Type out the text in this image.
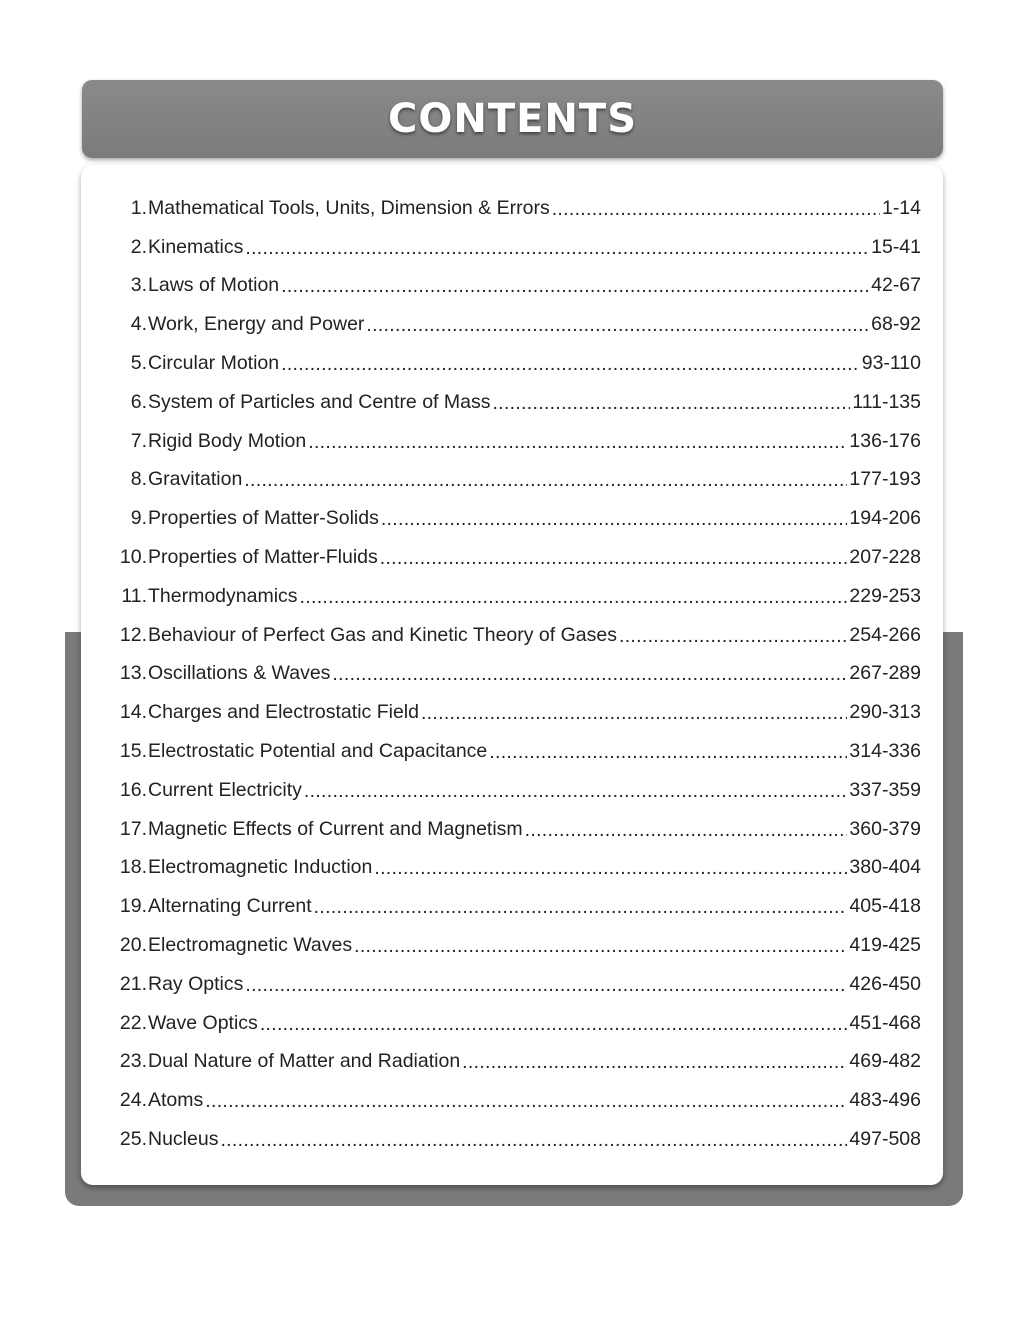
CONTENTS
1. Mathematical Tools, Units, Dimension & Errors .....	1-14
2. Kinematics .....	15-41
3. Laws of Motion .....	42-67
4. Work, Energy and Power .....	68-92
5. Circular Motion .....	93-110
6. System of Particles and Centre of Mass .....	111-135
7. Rigid Body Motion .....	136-176
8. Gravitation .....	177-193
9. Properties of Matter-Solids .....	194-206
10. Properties of Matter-Fluids .....	207-228
11. Thermodynamics .....	229-253
12. Behaviour of Perfect Gas and Kinetic Theory of Gases .....	254-266
13. Oscillations & Waves .....	267-289
14. Charges and Electrostatic Field .....	290-313
15. Electrostatic Potential and Capacitance .....	314-336
16. Current Electricity .....	337-359
17. Magnetic Effects of Current and Magnetism .....	360-379
18. Electromagnetic Induction .....	380-404
19. Alternating Current .....	405-418
20. Electromagnetic Waves .....	419-425
21. Ray Optics .....	426-450
22. Wave Optics .....	451-468
23. Dual Nature of Matter and Radiation .....	469-482
24. Atoms .....	483-496
25. Nucleus .....	497-508
